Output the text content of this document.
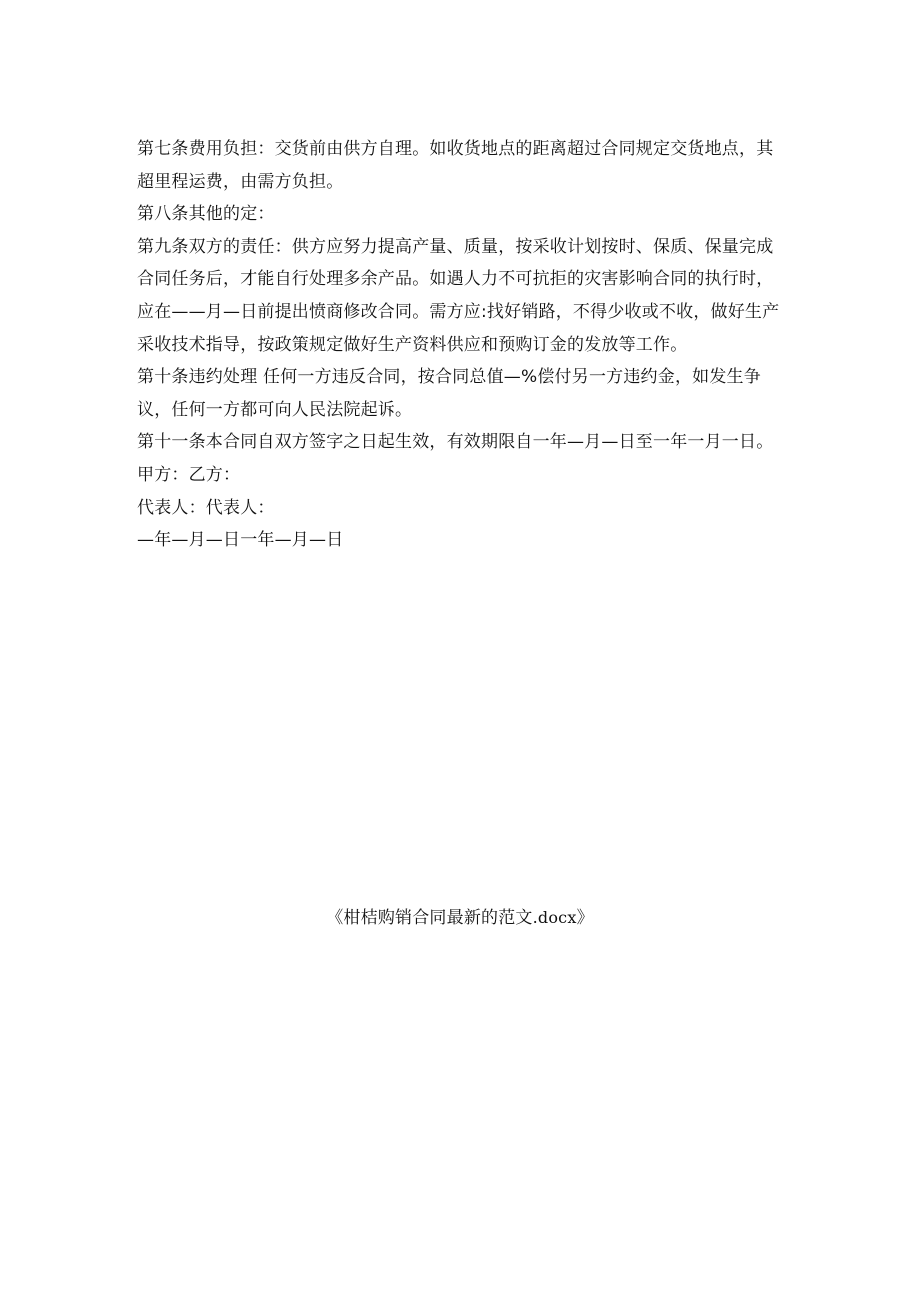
第七条费用负担：交货前由供方自理。如收货地点的距离超过合同规定交货地点，其超里程运费，由需方负担。

第八条其他的定：

第九条双方的责任：供方应努力提高产量、质量，按采收计划按时、保质、保量完成合同任务后，才能自行处理多余产品。如遇人力不可抗拒的灾害影响合同的执行时，应在——月—日前提出愤商修改合同。需方应:找好销路，不得少收或不收，做好生产采收技术指导，按政策规定做好生产资料供应和预购订金的发放等工作。

第十条违约处理 任何一方违反合同，按合同总值—%偿付另一方违约金，如发生争议，任何一方都可向人民法院起诉。

第十一条本合同自双方签字之日起生效，有效期限自一年—月—日至一年一月一日。

甲方：乙方：

代表人：代表人：

—年—月—日一年—月—日

《柑桔购销合同最新的范文.docx》
